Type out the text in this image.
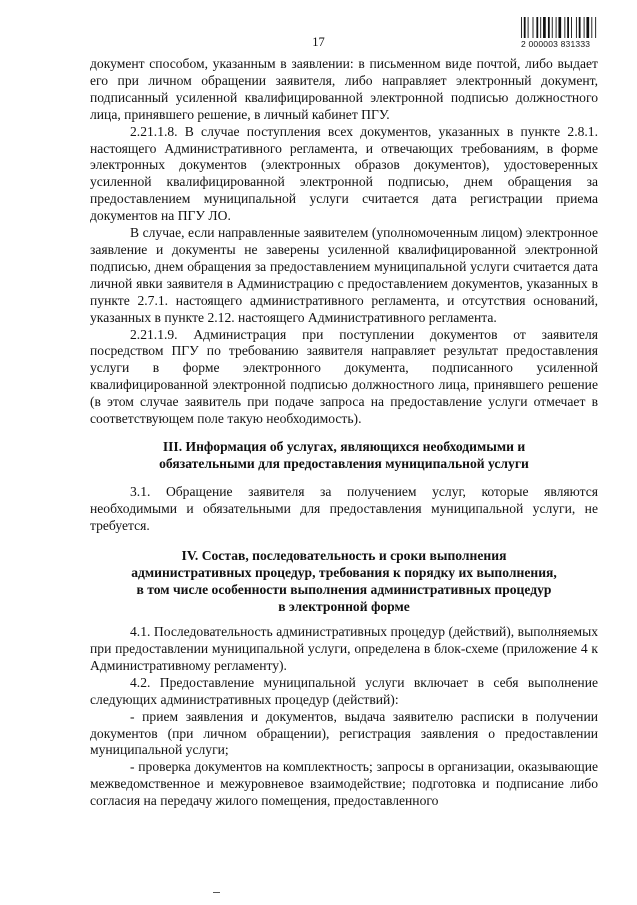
17	2 000003 831333

документ способом, указанным в заявлении: в письменном виде почтой, либо выдает его при личном обращении заявителя, либо направляет электронный документ, подписанный усиленной квалифицированной электронной подписью должностного лица, принявшего решение, в личный кабинет ПГУ.

2.21.1.8. В случае поступления всех документов, указанных в пункте 2.8.1. настоящего Административного регламента, и отвечающих требованиям, в форме электронных документов (электронных образов документов), удостоверенных усиленной квалифицированной электронной подписью, днем обращения за предоставлением муниципальной услуги считается дата регистрации приема документов на ПГУ ЛО.

В случае, если направленные заявителем (уполномоченным лицом) электронное заявление и документы не заверены усиленной квалифицированной электронной подписью, днем обращения за предоставлением муниципальной услуги считается дата личной явки заявителя в Администрацию с предоставлением документов, указанных в пункте 2.7.1. настоящего административного регламента, и отсутствия оснований, указанных в пункте 2.12. настоящего Административного регламента.

2.21.1.9. Администрация при поступлении документов от заявителя посредством ПГУ по требованию заявителя направляет результат предоставления услуги в форме электронного документа, подписанного усиленной квалифицированной электронной подписью должностного лица, принявшего решение (в этом случае заявитель при подаче запроса на предоставление услуги отмечает в соответствующем поле такую необходимость).

III. Информация об услугах, являющихся необходимыми и
обязательными для предоставления муниципальной услуги

3.1. Обращение заявителя за получением услуг, которые являются необходимыми и обязательными для предоставления муниципальной услуги, не требуется.

IV. Состав, последовательность и сроки выполнения
административных процедур, требования к порядку их выполнения,
в том числе особенности выполнения административных процедур
в электронной форме

4.1. Последовательность административных процедур (действий), выполняемых при предоставлении муниципальной услуги, определена в блок-схеме (приложение 4 к Административному регламенту).

4.2. Предоставление муниципальной услуги включает в себя выполнение следующих административных процедур (действий):

- прием заявления и документов, выдача заявителю расписки в получении документов (при личном обращении), регистрация заявления о предоставлении муниципальной услуги;

- проверка документов на комплектность; запросы в организации, оказывающие межведомственное и межуровневое взаимодействие; подготовка и подписание либо согласия на передачу жилого помещения, предоставленного
